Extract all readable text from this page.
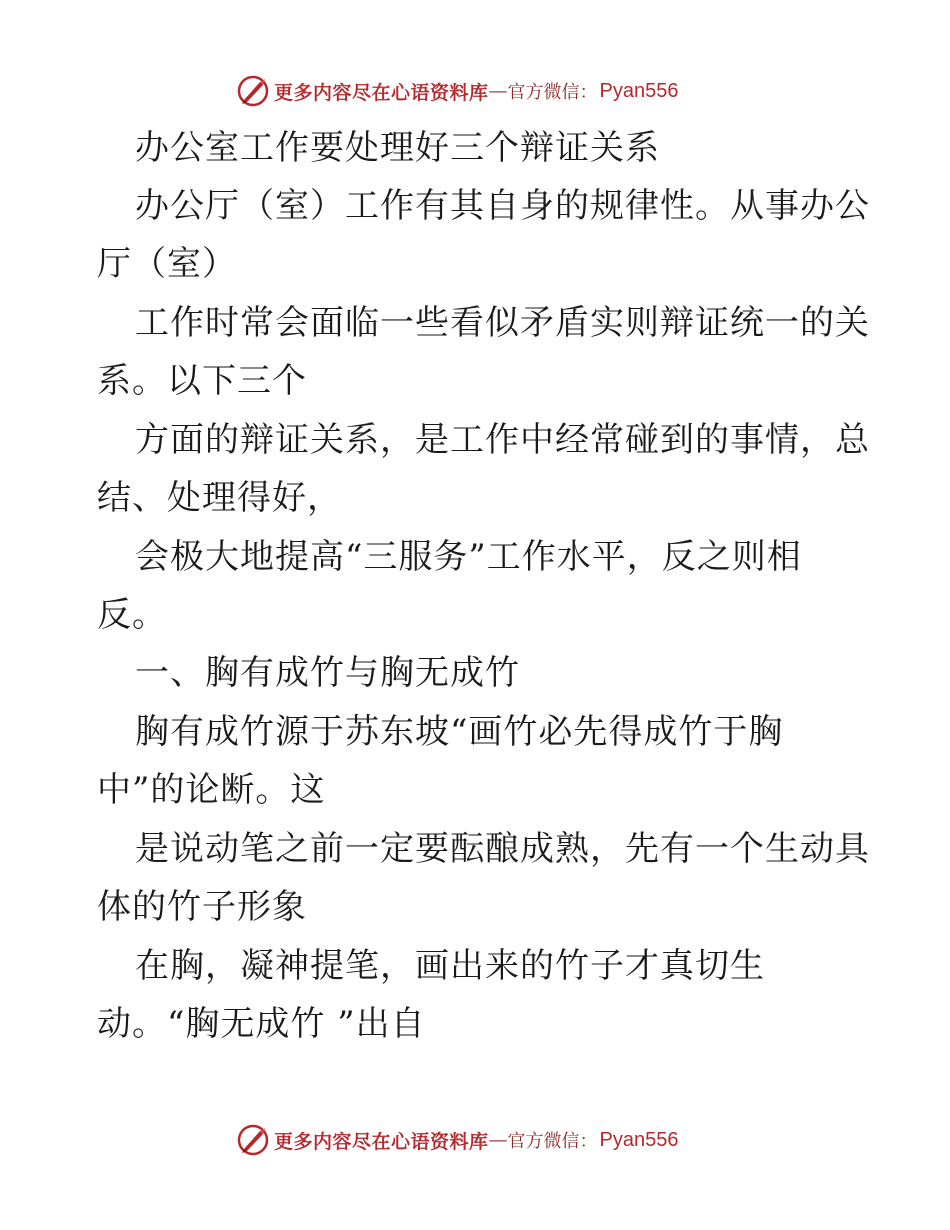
更多内容尽在心语资料库 — 官方微信： Pyan556
办公室工作要处理好三个辩证关系
办公厅（室）工作有其自身的规律性。从事办公
厅（室）
工作时常会面临一些看似矛盾实则辩证统一的关
系。以下三个
方面的辩证关系，是工作中经常碰到的事情，总
结、处理得好，
会极大地提高“三服务”工作水平，反之则相
反。
一、胸有成竹与胸无成竹
胸有成竹源于苏东坡“画竹必先得成竹于胸
中”的论断。这
是说动笔之前一定要酝酿成熟，先有一个生动具
体的竹子形象
在胸，凝神提笔，画出来的竹子才真切生
动。“胸无成竹 ”出自
更多内容尽在心语资料库 — 官方微信： Pyan556
